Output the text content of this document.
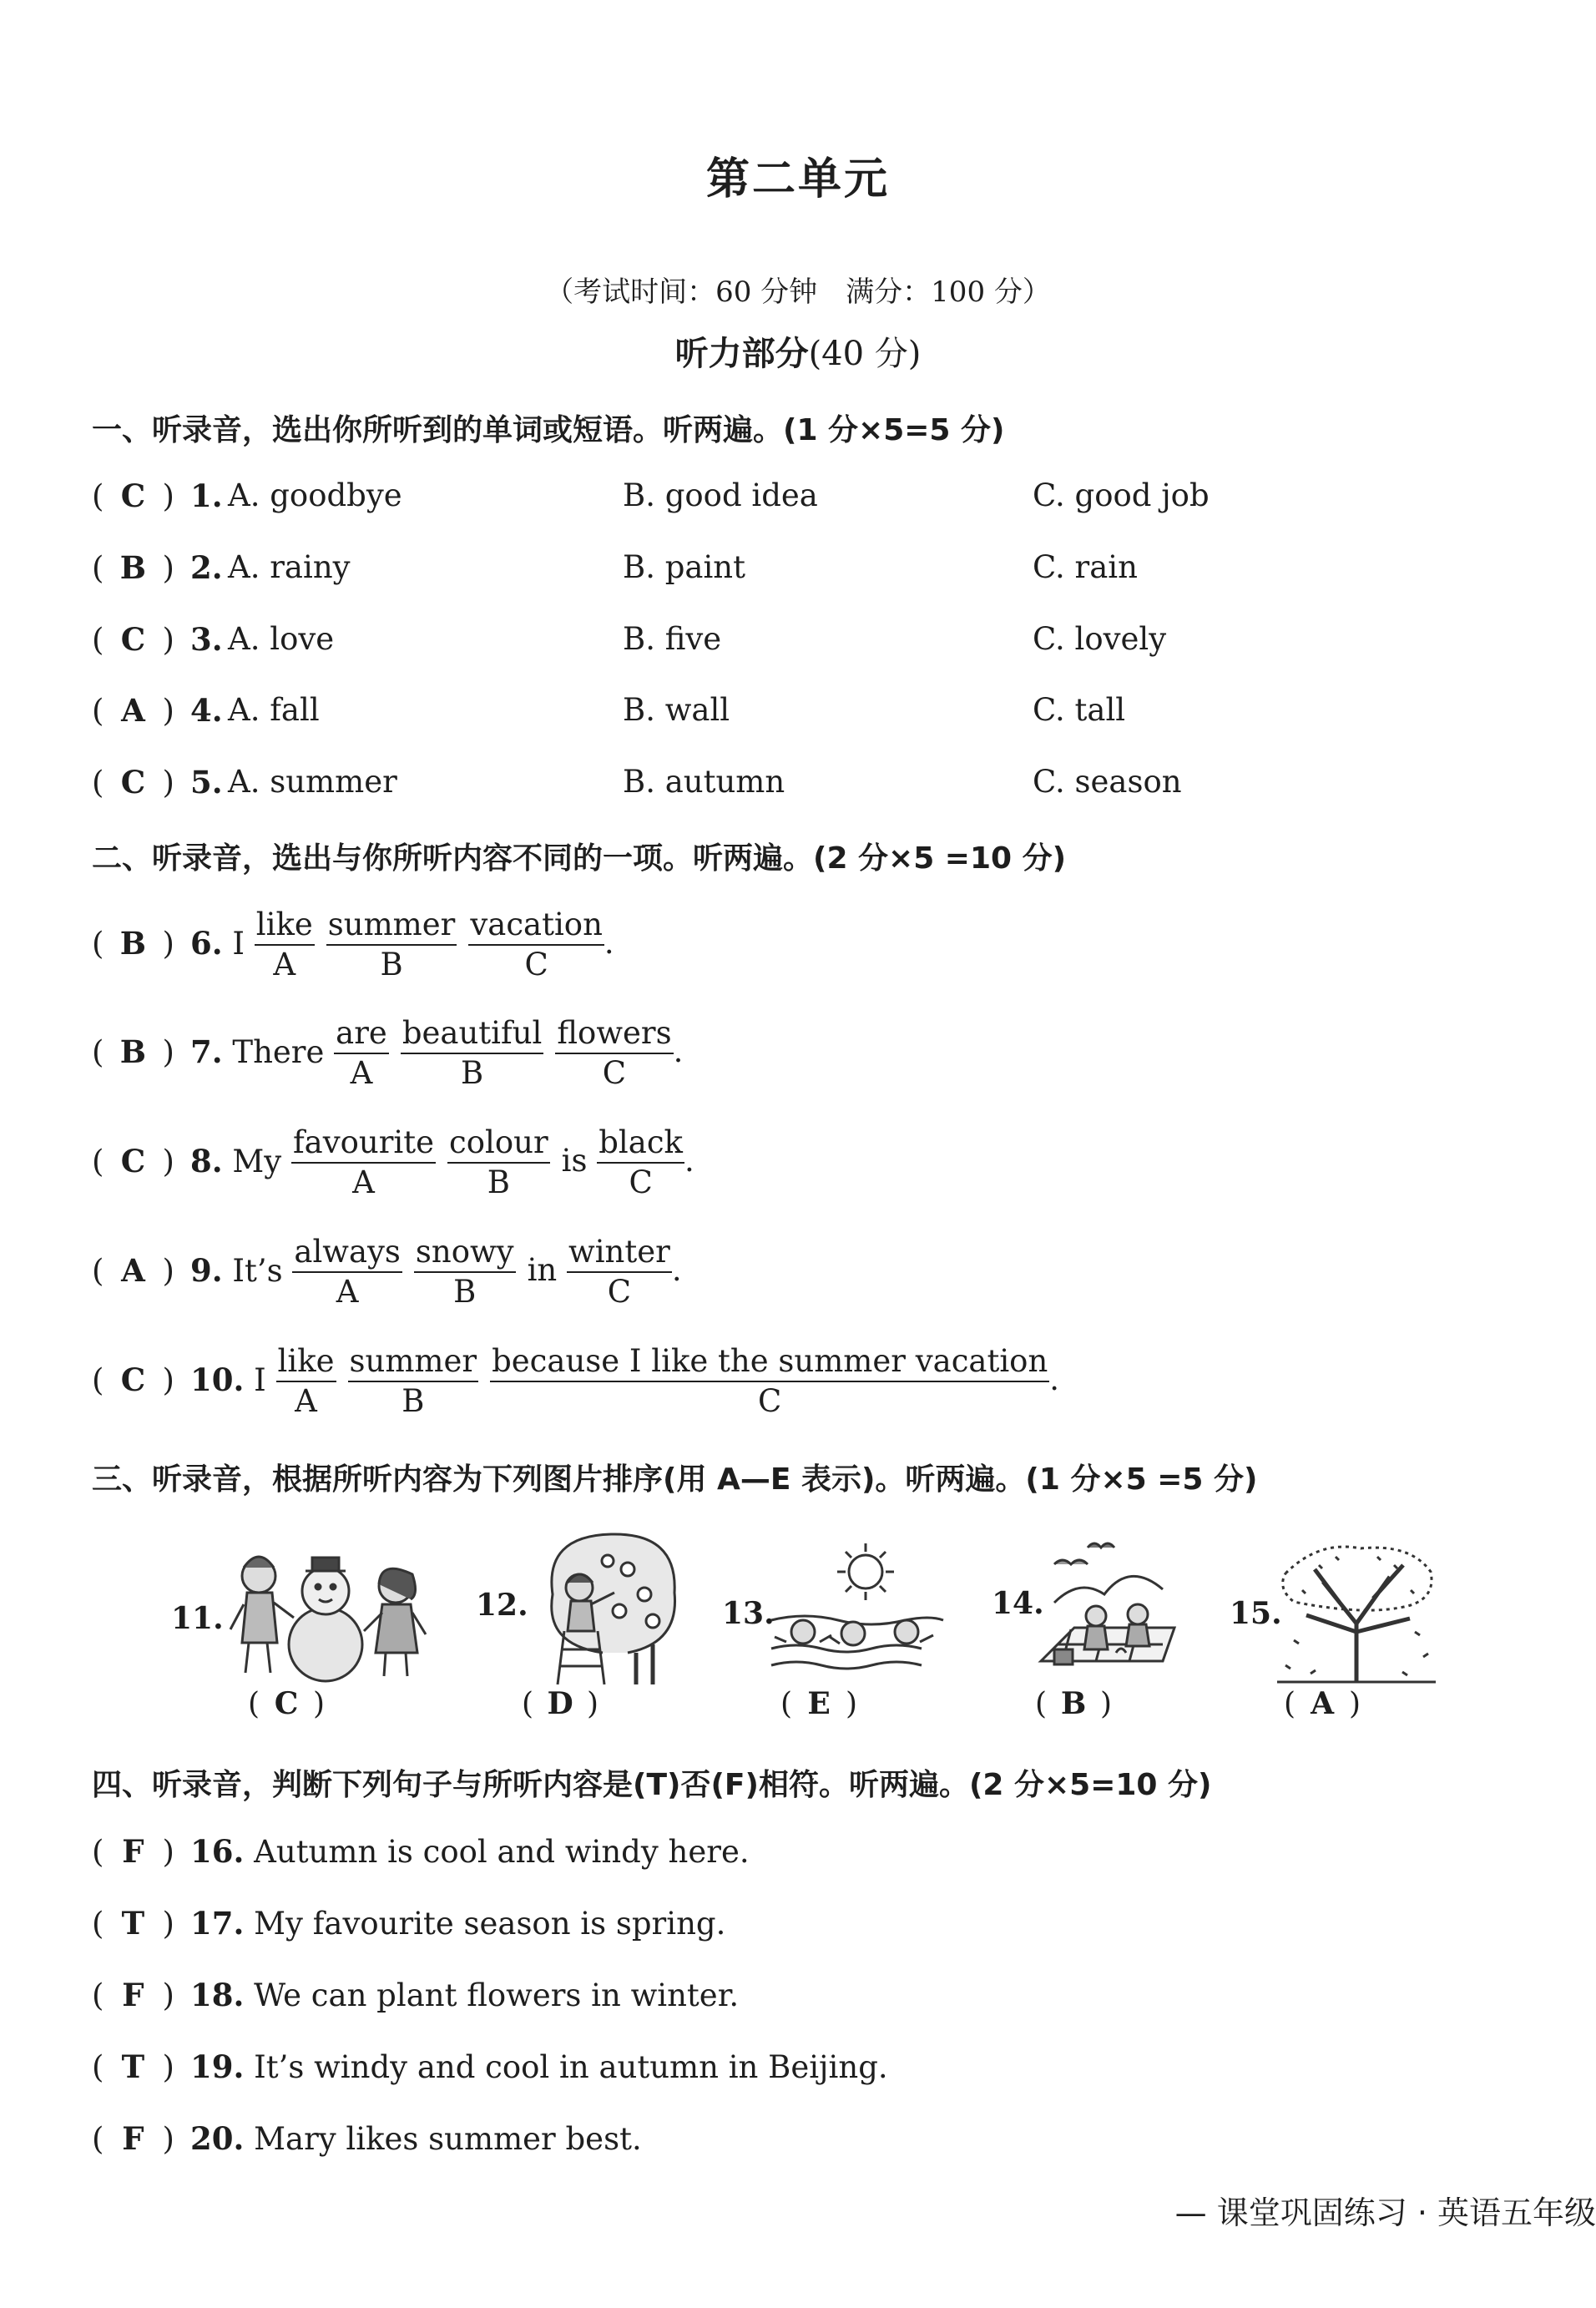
第二单元
（考试时间：60 分钟　满分：100 分）
听力部分(40 分)
一、听录音，选出你所听到的单词或短语。听两遍。(1 分×5=5 分)
( C ) 1. A. goodbye	B. good idea	C. good job
( B ) 2. A. rainy	B. paint	C. rain
( C ) 3. A. love	B. five	C. lovely
( A ) 4. A. fall	B. wall	C. tall
( C ) 5. A. summer	B. autumn	C. season
二、听录音，选出与你所听内容不同的一项。听两遍。(2 分×5 =10 分)
( B ) 6. I
like
A
summer
B
vacation
C
.
( B ) 7. There
are
A
beautiful
B
flowers
C
.
( C ) 8. My
favourite
A
colour
B
is
black
C
.
( A ) 9. It’s
always
A
snowy
B
in
winter
C
.
( C ) 10. I
like
A
summer
B
because I like the summer vacation
C
.
三、听录音，根据所听内容为下列图片排序(用 A—E 表示)。听两遍。(1 分×5 =5 分)
11.
( C )
12.
( D )
13.
( E )
14.
( B )
15.
( A )
四、听录音，判断下列句子与所听内容是(T)否(F)相符。听两遍。(2 分×5=10 分)
( F ) 16. Autumn is cool and windy here.
( T ) 17. My favourite season is spring.
( F ) 18. We can plant flowers in winter.
( T ) 19. It’s windy and cool in autumn in Beijing.
( F ) 20. Mary likes summer best.
— 课堂巩固练习 · 英语五年级
